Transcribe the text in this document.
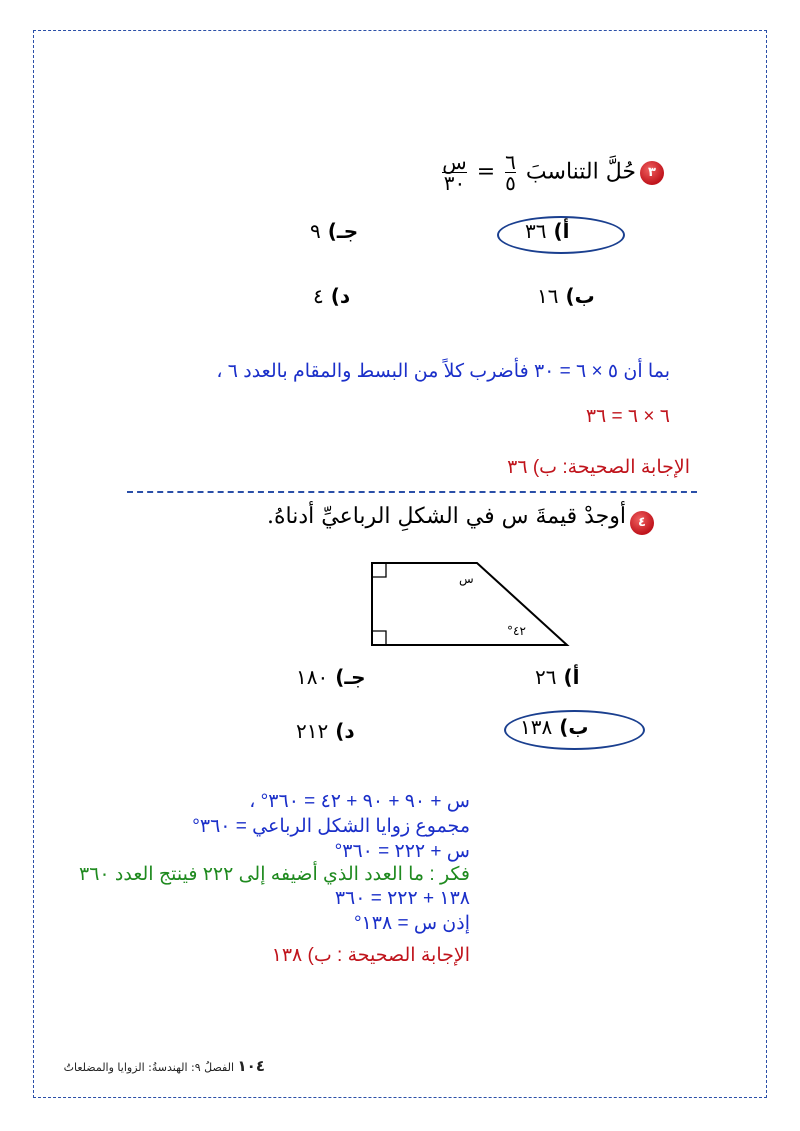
٣
حُلَّ التناسبَ
$\frac{٦}{٥}$
=
$\frac{\text{س}}{٣٠}$
أ) ٣٦
ب) ١٦
جـ) ٩
د) ٤
بما أن ٥ × ٦ = ٣٠ فأضرب كلاً من البسط والمقام بالعدد ٦ ،
٦ × ٦ = ٣٦
الإجابة الصحيحة: ب) ٣٦
٤
أوجدْ قيمةَ س في الشكلِ الرباعيِّ أدناهُ.
س
°٤٢
أ) ٢٦
ب) ١٣٨
جـ) ١٨٠
د) ٢١٢
س + ٩٠ + ٩٠ + ٤٢ = ٣٦٠° ،
مجموع زوايا الشكل الرباعي = ٣٦٠°
س + ٢٢٢ = ٣٦٠°
فكر : ما العدد الذي أضيفه إلى ٢٢٢ فينتج العدد ٣٦٠
١٣٨ + ٢٢٢ = ٣٦٠
إذن س = ١٣٨°
الإجابة الصحيحة : ب) ١٣٨
١٠٤ الفصلُ ٩: الهندسةُ: الزوايا والمضلعاتُ
